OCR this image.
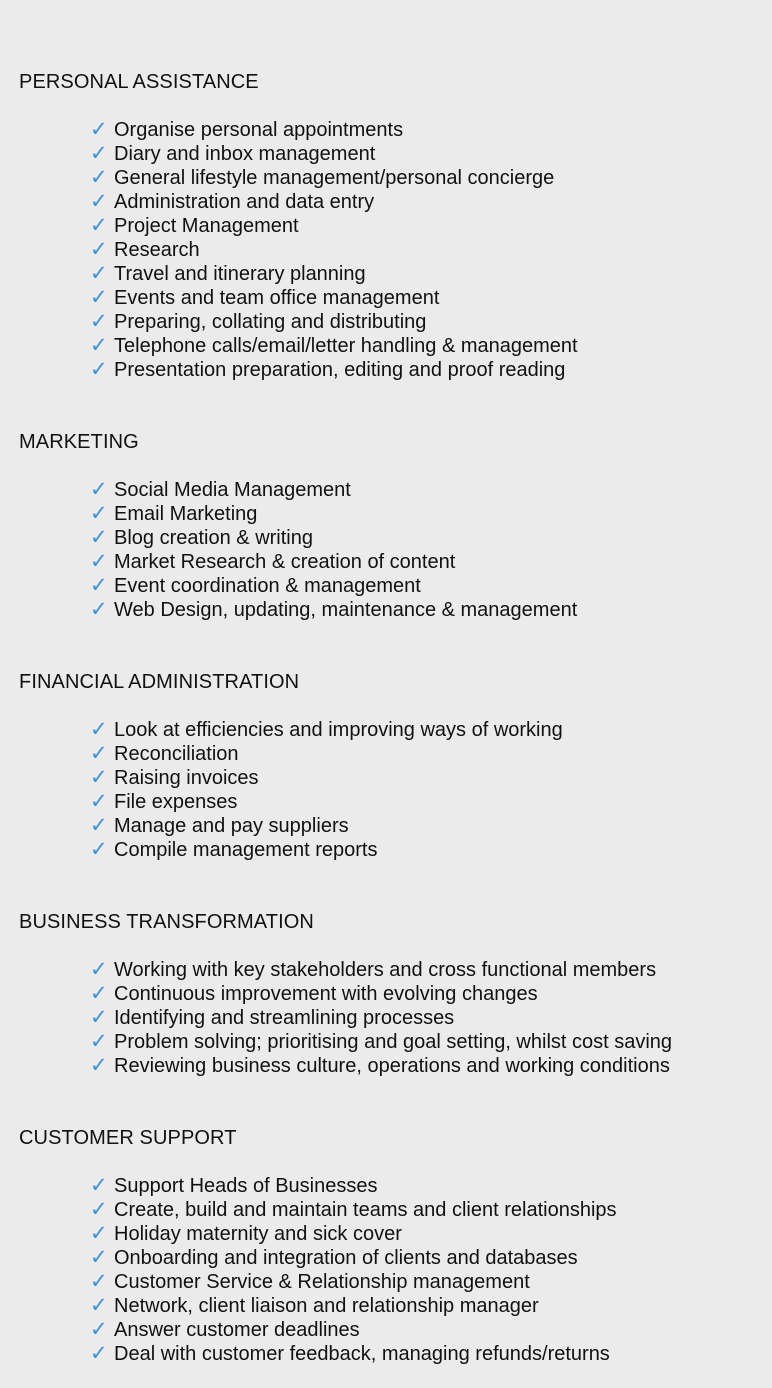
PERSONAL ASSISTANCE
✓ Organise personal appointments
✓ Diary and inbox management
✓ General lifestyle management/personal concierge
✓ Administration and data entry
✓ Project Management
✓ Research
✓ Travel and itinerary planning
✓ Events and team office management
✓ Preparing, collating and distributing
✓ Telephone calls/email/letter handling & management
✓ Presentation preparation, editing and proof reading
MARKETING
✓ Social Media Management
✓ Email Marketing
✓ Blog creation & writing
✓ Market Research & creation of content
✓ Event coordination & management
✓ Web Design, updating, maintenance & management
FINANCIAL ADMINISTRATION
✓ Look at efficiencies and improving ways of working
✓ Reconciliation
✓ Raising invoices
✓ File expenses
✓ Manage and pay suppliers
✓ Compile management reports
BUSINESS TRANSFORMATION
✓ Working with key stakeholders and cross functional members
✓ Continuous improvement with evolving changes
✓ Identifying and streamlining processes
✓ Problem solving; prioritising and goal setting, whilst cost saving
✓ Reviewing business culture, operations and working conditions
CUSTOMER SUPPORT
✓ Support Heads of Businesses
✓ Create, build and maintain teams and client relationships
✓ Holiday maternity and sick cover
✓ Onboarding and integration of clients and databases
✓ Customer Service & Relationship management
✓ Network, client liaison and relationship manager
✓ Answer customer deadlines
✓ Deal with customer feedback, managing refunds/returns
